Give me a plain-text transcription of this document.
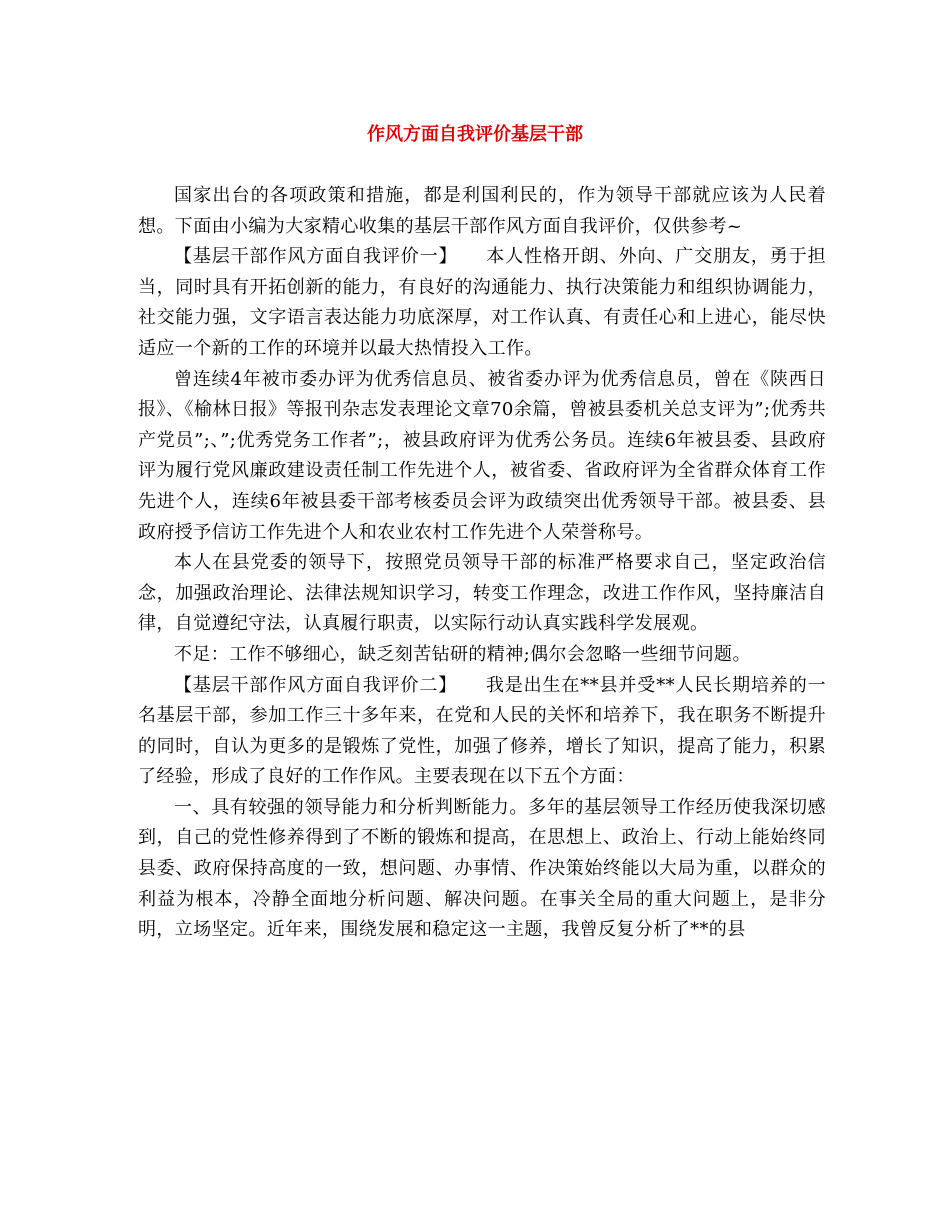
作风方面自我评价基层干部

国家出台的各项政策和措施，都是利国利民的，作为领导干部就应该为人民着想。下面由小编为大家精心收集的基层干部作风方面自我评价，仅供参考~

【基层干部作风方面自我评价一】　　本人性格开朗、外向、广交朋友，勇于担当，同时具有开拓创新的能力，有良好的沟通能力、执行决策能力和组织协调能力，社交能力强，文字语言表达能力功底深厚，对工作认真、有责任心和上进心，能尽快适应一个新的工作的环境并以最大热情投入工作。

曾连续4年被市委办评为优秀信息员、被省委办评为优秀信息员，曾在《陕西日报》、《榆林日报》等报刊杂志发表理论文章70余篇，曾被县委机关总支评为”;优秀共产党员”;、”;优秀党务工作者”;，被县政府评为优秀公务员。连续6年被县委、县政府评为履行党风廉政建设责任制工作先进个人，被省委、省政府评为全省群众体育工作先进个人，连续6年被县委干部考核委员会评为政绩突出优秀领导干部。被县委、县政府授予信访工作先进个人和农业农村工作先进个人荣誉称号。

本人在县党委的领导下，按照党员领导干部的标准严格要求自己，坚定政治信念，加强政治理论、法律法规知识学习，转变工作理念，改进工作作风，坚持廉洁自律，自觉遵纪守法，认真履行职责，以实际行动认真实践科学发展观。

不足：工作不够细心，缺乏刻苦钻研的精神;偶尔会忽略一些细节问题。

【基层干部作风方面自我评价二】　　我是出生在**县并受**人民长期培养的一名基层干部，参加工作三十多年来，在党和人民的关怀和培养下，我在职务不断提升的同时，自认为更多的是锻炼了党性，加强了修养，增长了知识，提高了能力，积累了经验，形成了良好的工作作风。主要表现在以下五个方面：

一、具有较强的领导能力和分析判断能力。多年的基层领导工作经历使我深切感到，自己的党性修养得到了不断的锻炼和提高，在思想上、政治上、行动上能始终同县委、政府保持高度的一致，想问题、办事情、作决策始终能以大局为重，以群众的利益为根本，冷静全面地分析问题、解决问题。在事关全局的重大问题上，是非分明，立场坚定。近年来，围绕发展和稳定这一主题，我曾反复分析了**的县
